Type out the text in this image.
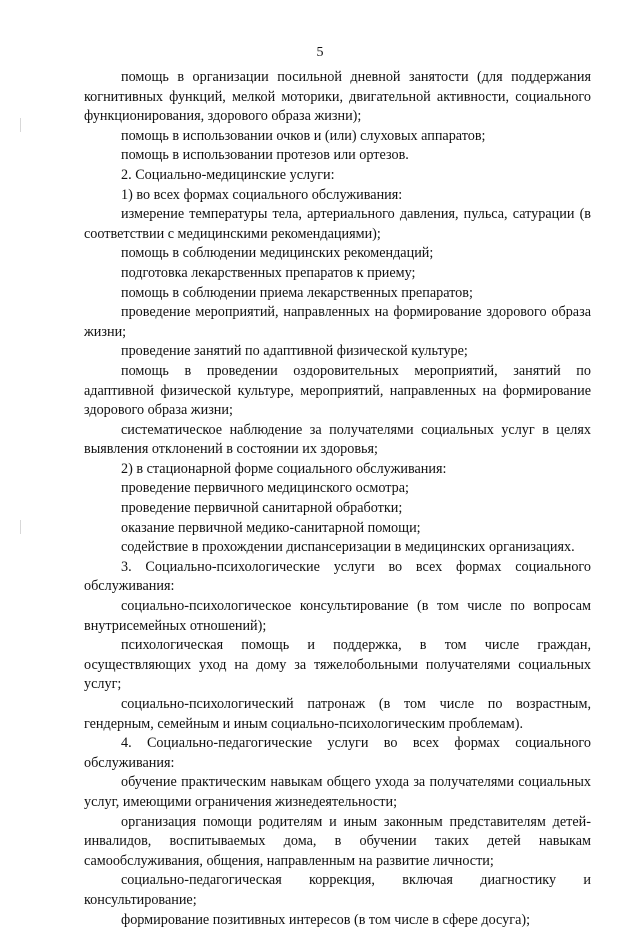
5

помощь в организации посильной дневной занятости (для поддержания когнитивных функций, мелкой моторики, двигательной активности, социального функционирования, здорового образа жизни);

помощь в использовании очков и (или) слуховых аппаратов;

помощь в использовании протезов или ортезов.

2. Социально-медицинские услуги:

1) во всех формах социального обслуживания:

измерение температуры тела, артериального давления, пульса, сатурации (в соответствии с медицинскими рекомендациями);

помощь в соблюдении медицинских рекомендаций;

подготовка лекарственных препаратов к приему;

помощь в соблюдении приема лекарственных препаратов;

проведение мероприятий, направленных на формирование здорового образа жизни;

проведение занятий по адаптивной физической культуре;

помощь в проведении оздоровительных мероприятий, занятий по адаптивной физической культуре, мероприятий, направленных на формирование здорового образа жизни;

систематическое наблюдение за получателями социальных услуг в целях выявления отклонений в состоянии их здоровья;

2) в стационарной форме социального обслуживания:

проведение первичного медицинского осмотра;

проведение первичной санитарной обработки;

оказание первичной медико-санитарной помощи;

содействие в прохождении диспансеризации в медицинских организациях.

3. Социально-психологические услуги во всех формах социального обслуживания:

социально-психологическое консультирование (в том числе по вопросам внутрисемейных отношений);

психологическая помощь и поддержка, в том числе граждан, осуществляющих уход на дому за тяжелобольными получателями социальных услуг;

социально-психологический патронаж (в том числе по возрастным, гендерным, семейным и иным социально-психологическим проблемам).

4. Социально-педагогические услуги во всех формах социального обслуживания:

обучение практическим навыкам общего ухода за получателями социальных услуг, имеющими ограничения жизнедеятельности;

организация помощи родителям и иным законным представителям детей-инвалидов, воспитываемых дома, в обучении таких детей навыкам самообслуживания, общения, направленным на развитие личности;

социально-педагогическая коррекция, включая диагностику и консультирование;

формирование позитивных интересов (в том числе в сфере досуга);
